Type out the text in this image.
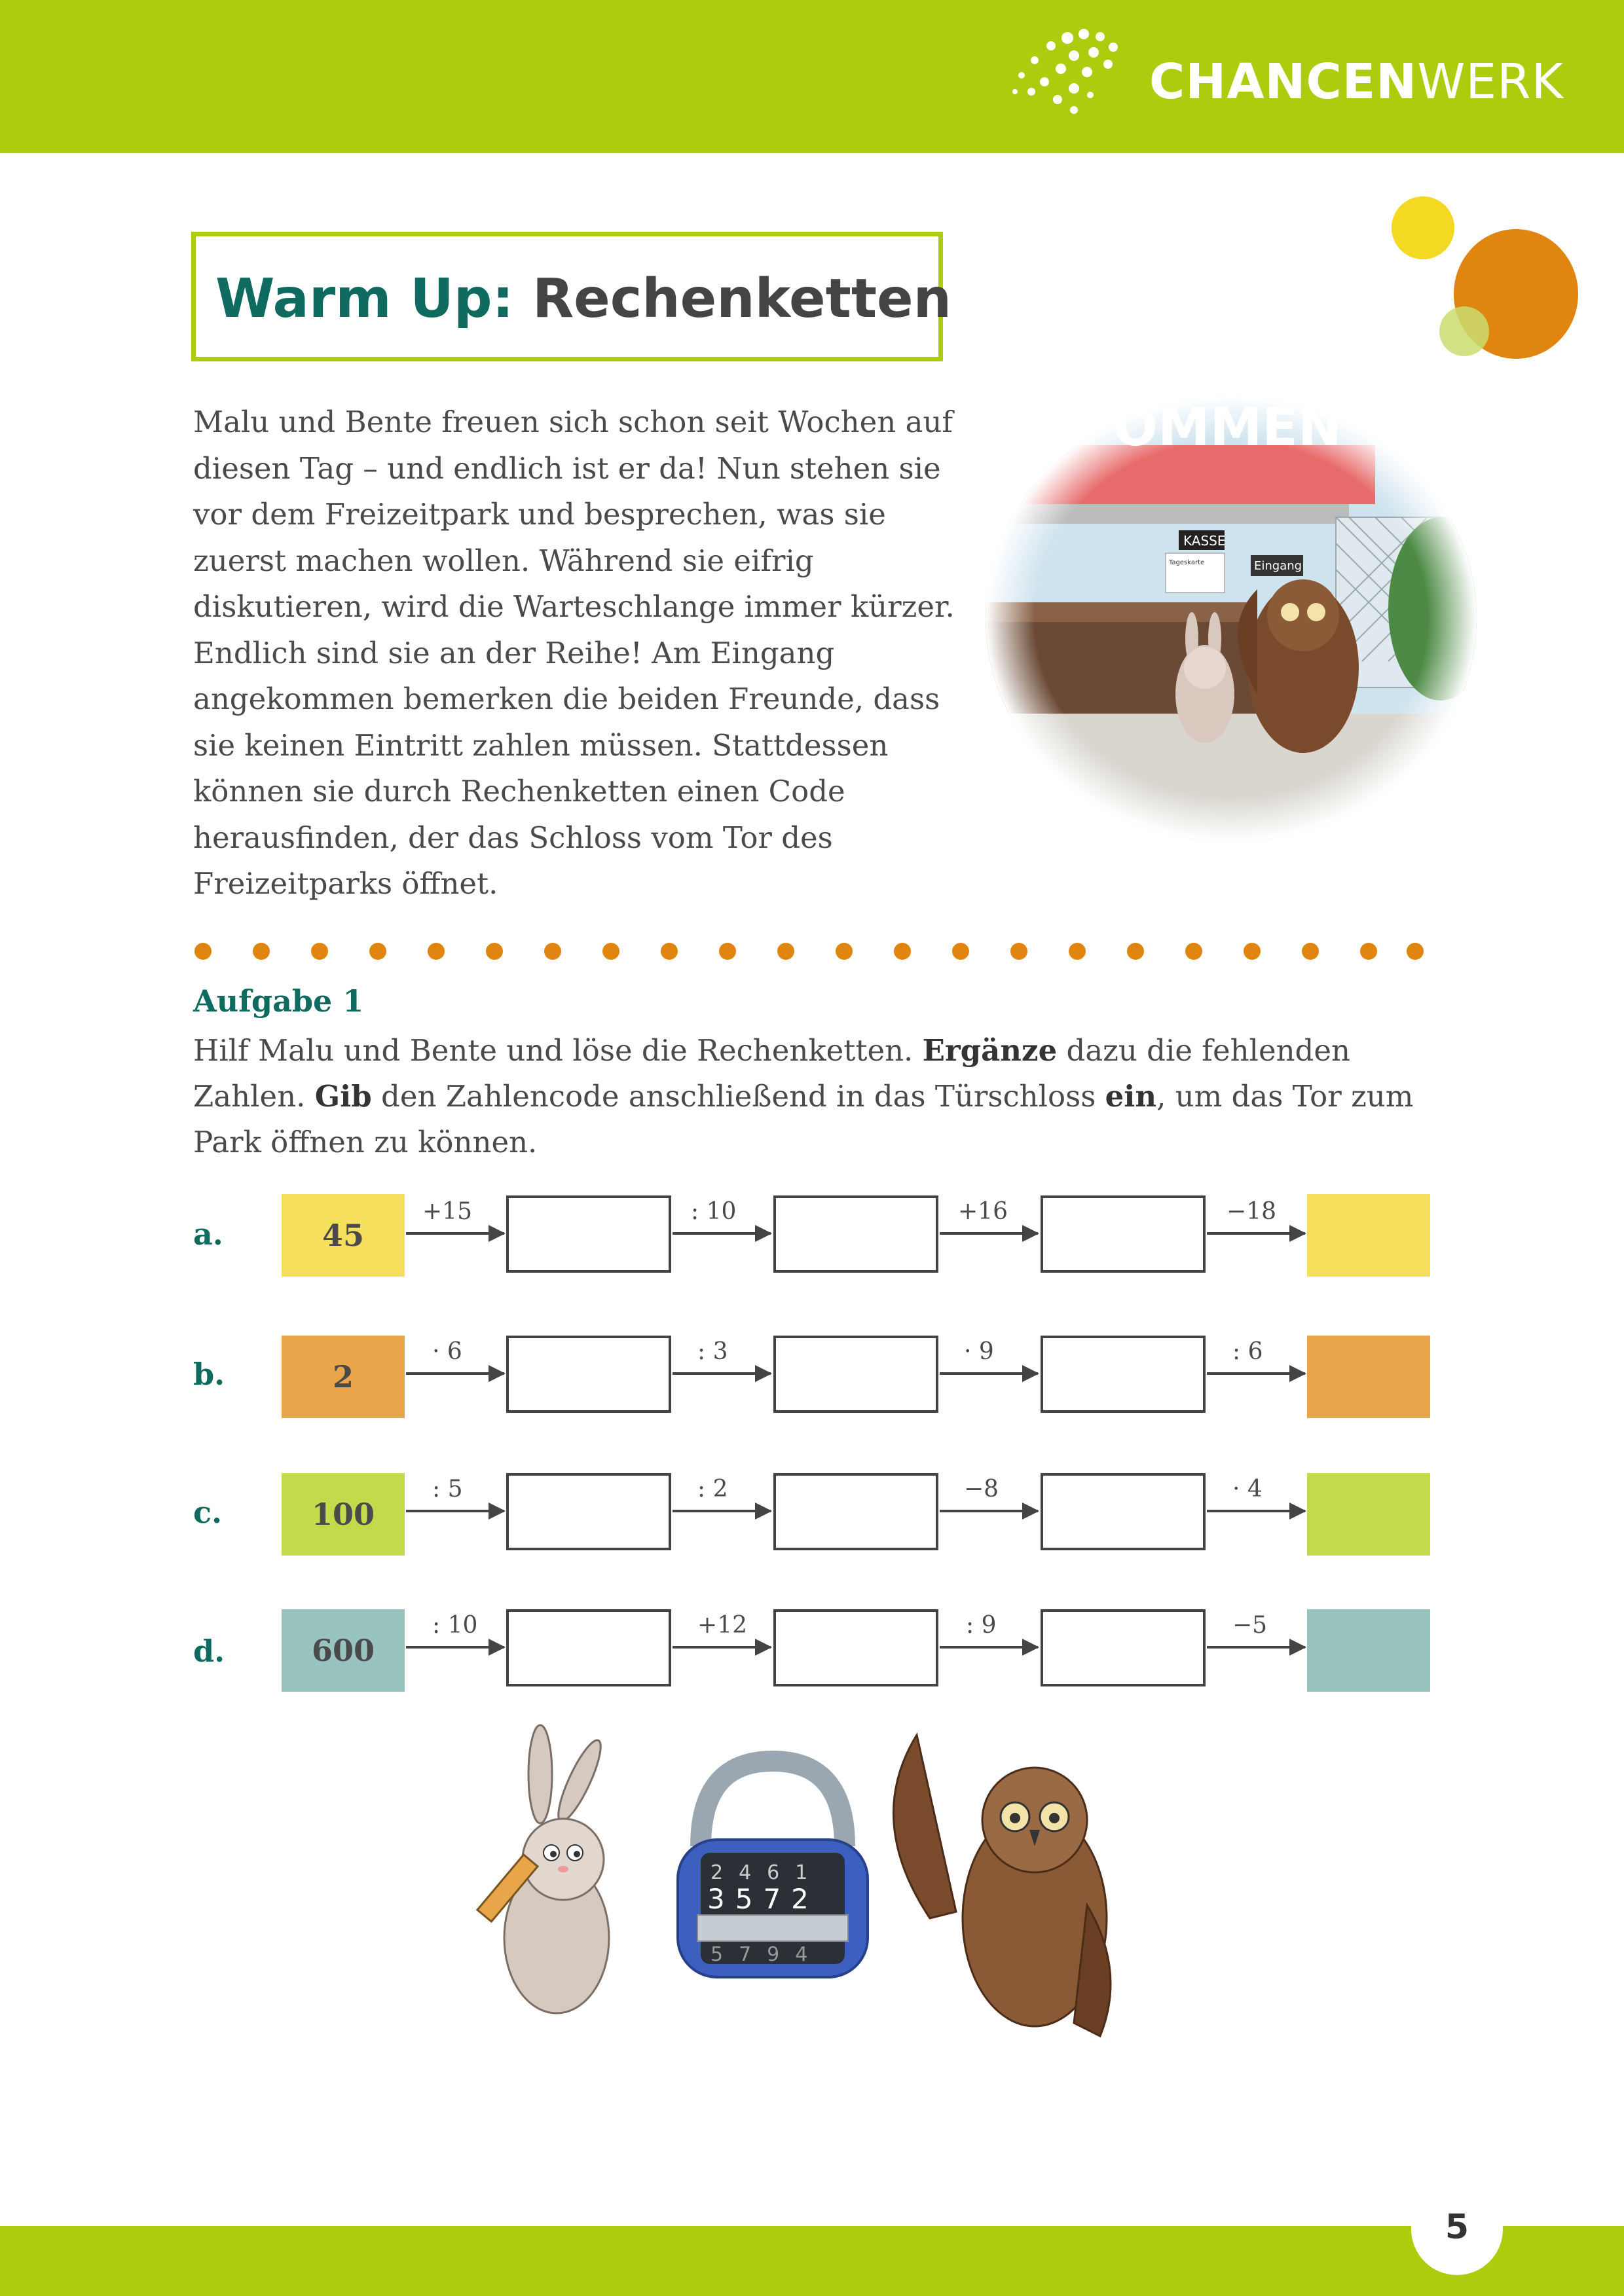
CHANCENWERK
Warm Up: Rechenketten
Malu und Bente freuen sich schon seit Wochen auf diesen Tag – und endlich ist er da! Nun stehen sie vor dem Freizeitpark und besprechen, was sie zuerst machen wollen. Während sie eifrig diskutieren, wird die Warteschlange immer kürzer. Endlich sind sie an der Reihe! Am Eingang angekommen bemerken die beiden Freunde, dass sie keinen Eintritt zahlen müssen. Stattdessen können sie durch Rechenketten einen Code herausfinden, der das Schloss vom Tor des Freizeitparks öffnet.
Aufgabe 1
Hilf Malu und Bente und löse die Rechenketten. Ergänze dazu die fehlenden Zahlen. Gib den Zahlencode anschließend in das Türschloss ein, um das Tor zum Park öffnen zu können.
a.	45
+15	: 10	+16	−18
b.	2
· 6	: 3	· 9	: 6
c.	100
: 5	: 2	−8	· 4
d.	600
: 10	+12	: 9	−5
2461
3572
5794
5
